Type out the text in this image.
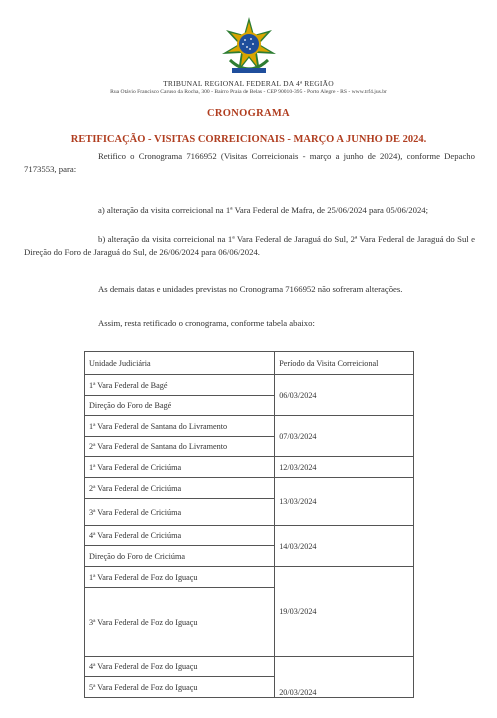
TRIBUNAL REGIONAL FEDERAL DA 4ª REGIÃO
Rua Otávio Francisco Caruso da Rocha, 300 - Bairro Praia de Belas - CEP 90010-395 - Porto Alegre - RS - www.trf4.jus.br
CRONOGRAMA
RETIFICAÇÃO - VISITAS CORREICIONAIS - MARÇO A JUNHO DE 2024.

Retifico o Cronograma 7166952 (Visitas Correicionais - março a junho de 2024), conforme Depacho 7173553, para:

a) alteração da visita correicional na 1ª Vara Federal de Mafra, de 25/06/2024 para 05/06/2024;

b) alteração da visita correicional na 1ª Vara Federal de Jaraguá do Sul, 2ª Vara Federal de Jaraguá do Sul e Direção do Foro de Jaraguá do Sul, de 26/06/2024 para 06/06/2024.

As demais datas e unidades previstas no Cronograma 7166952 não sofreram alterações.

Assim, resta retificado o cronograma, conforme tabela abaixo:

Unidade Judiciária	Período da Visita Correicional
1ª Vara Federal de Bagé	06/03/2024
Direção do Foro de Bagé	
1ª Vara Federal de Santana do Livramento	07/03/2024
2ª Vara Federal de Santana do Livramento	
1ª Vara Federal de Criciúma	12/03/2024
2ª Vara Federal de Criciúma	13/03/2024
3ª Vara Federal de Criciúma	
4ª Vara Federal de Criciúma	14/03/2024
Direção do Foro de Criciúma	
1ª Vara Federal de Foz do Iguaçu	19/03/2024
3ª Vara Federal de Foz do Iguaçu	
4ª Vara Federal de Foz do Iguaçu	20/03/2024
5ª Vara Federal de Foz do Iguaçu	
